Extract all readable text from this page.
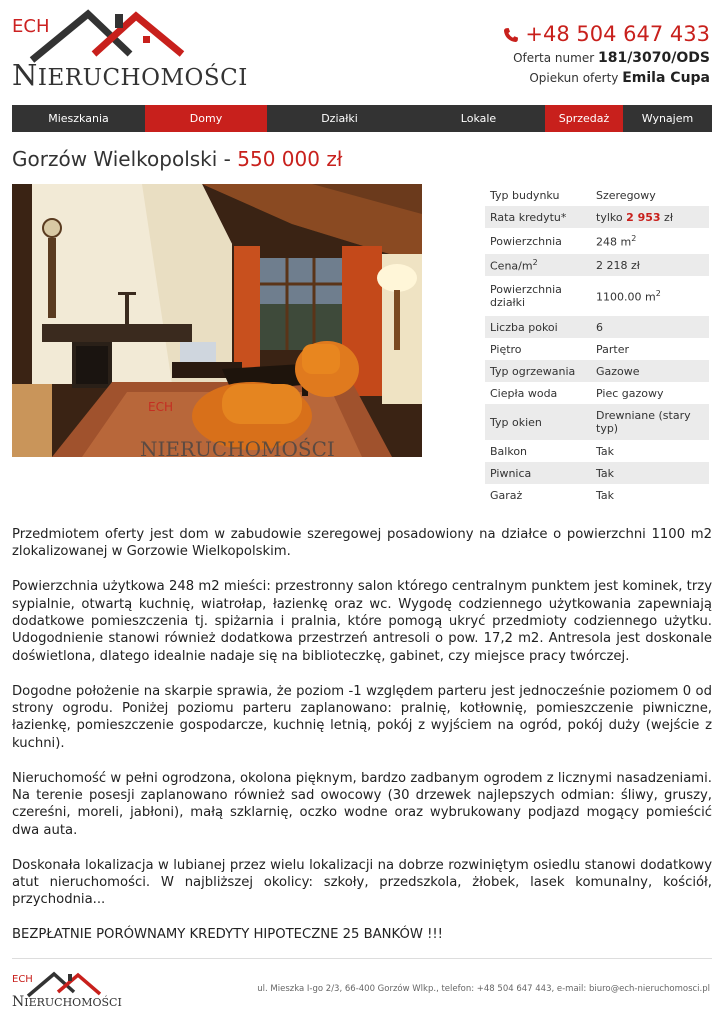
ECH
NIERUCHOMOŚCI
+48 504 647 433
Oferta numer 181/3070/ODS
Opiekun oferty Emila Cupa
Mieszkania	Domy	Działki	Lokale	Sprzedaż	Wynajem
Gorzów Wielkopolski - 550 000 zł
ECH
NIERUCHOMOŚCI
Typ budynku	Szeregowy
Rata kredytu*	tylko 2 953 zł
Powierzchnia	248 $m^2$
Cena/$m^2$	2 218 zł
Powierzchnia działki	1100.00 $m^2$
Liczba pokoi	6
Piętro	Parter
Typ ogrzewania	Gazowe
Ciepła woda	Piec gazowy
Typ okien	Drewniane (stary typ)
Balkon	Tak
Piwnica	Tak
Garaż	Tak

Przedmiotem oferty jest dom w zabudowie szeregowej posadowiony na działce o powierzchni 1100 m2 zlokalizowanej w Gorzowie Wielkopolskim.

Powierzchnia użytkowa 248 m2 mieści: przestronny salon którego centralnym punktem jest kominek, trzy sypialnie, otwartą kuchnię, wiatrołap, łazienkę oraz wc. Wygodę codziennego użytkowania zapewniają dodatkowe pomieszczenia tj. spiżarnia i pralnia, które pomogą ukryć przedmioty codziennego użytku. Udogodnienie stanowi również dodatkowa przestrzeń antresoli o pow. 17,2 m2. Antresola jest doskonale doświetlona, dlatego idealnie nadaje się na biblioteczkę, gabinet, czy miejsce pracy twórczej.

Dogodne położenie na skarpie sprawia, że poziom -1 względem parteru jest jednocześnie poziomem 0 od strony ogrodu. Poniżej poziomu parteru zaplanowano: pralnię, kotłownię, pomieszczenie piwniczne, łazienkę, pomieszczenie gospodarcze, kuchnię letnią, pokój z wyjściem na ogród, pokój duży (wejście z kuchni).

Nieruchomość w pełni ogrodzona, okolona pięknym, bardzo zadbanym ogrodem z licznymi nasadzeniami. Na terenie posesji zaplanowano również sad owocowy (30 drzewek najlepszych odmian: śliwy, gruszy, czereśni, moreli, jabłoni), małą szklarnię, oczko wodne oraz wybrukowany podjazd mogący pomieścić dwa auta.

Doskonała lokalizacja w lubianej przez wielu lokalizacji na dobrze rozwiniętym osiedlu stanowi dodatkowy atut nieruchomości. W najbliższej okolicy: szkoły, przedszkola, żłobek, lasek komunalny, kościół, przychodnia...

BEZPŁATNIE PORÓWNAMY KREDYTY HIPOTECZNE 25 BANKÓW !!!

ECH
NIERUCHOMOŚCI
ul. Mieszka I-go 2/3, 66-400 Gorzów Wlkp., telefon: +48 504 647 443, e-mail: biuro@ech-nieruchomosci.pl
